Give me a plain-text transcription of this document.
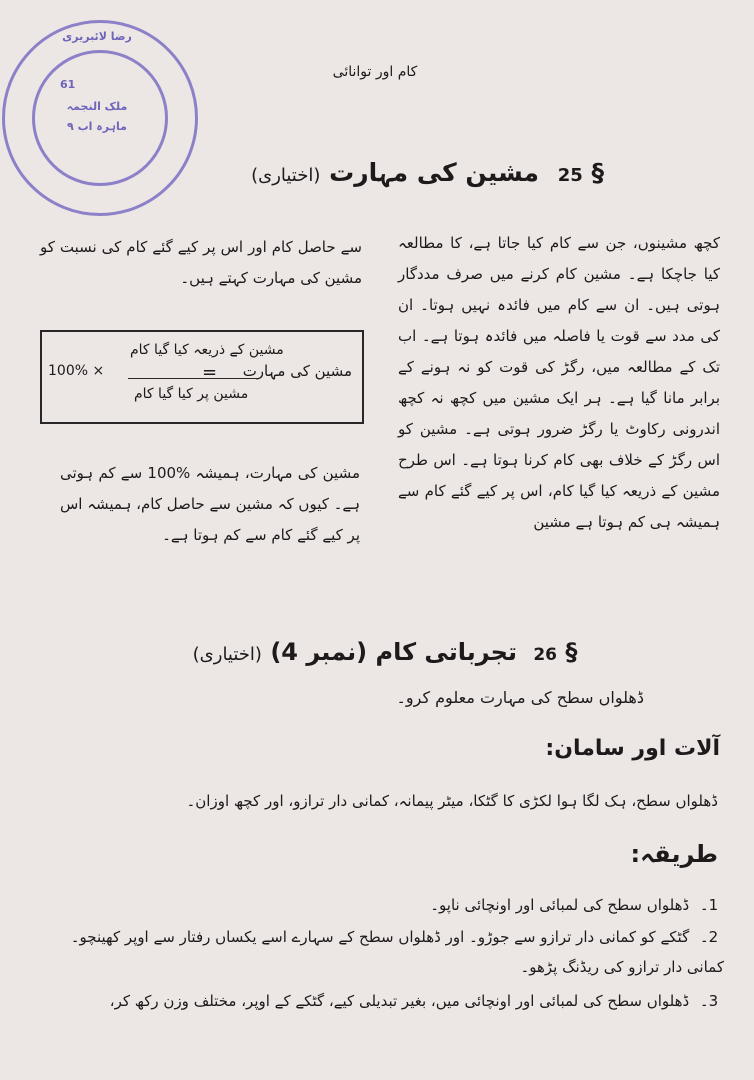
رضا لائبریری
61
ملک النجمہ
ماہرہ اب ۹
کام اور توانائی
§ 25 مشین کی مہارت (اختیاری)
کچھ مشینوں، جن سے کام کیا جاتا ہے، کا مطالعہ کیا جاچکا ہے۔ مشین کام کرنے میں صرف مددگار ہوتی ہیں۔ ان سے کام میں فائدہ نہیں ہوتا۔ ان کی مدد سے قوت یا فاصلہ میں فائدہ ہوتا ہے۔ اب تک کے مطالعہ میں، رگڑ کی قوت کو نہ ہونے کے برابر مانا گیا ہے۔ ہر ایک مشین میں کچھ نہ کچھ اندرونی رکاوٹ یا رگڑ ضرور ہوتی ہے۔ مشین کو اس رگڑ کے خلاف بھی کام کرنا ہوتا ہے۔ اس طرح مشین کے ذریعہ کیا گیا کام، اس پر کیے گئے کام سے ہمیشہ ہی کم ہوتا ہے مشین
سے حاصل کام اور اس پر کیے گئے کام کی نسبت کو مشین کی مہارت کہتے ہیں۔
مشین کی مہارت
=
مشین کے ذریعہ کیا گیا کام
مشین پر کیا گیا کام
100% ×
مشین کی مہارت، ہمیشہ %100 سے کم ہوتی ہے۔ کیوں کہ مشین سے حاصل کام، ہمیشہ اس پر کیے گئے کام سے کم ہوتا ہے۔
§ 26 تجرباتی کام (نمبر 4) (اختیاری)
ڈھلواں سطح کی مہارت معلوم کرو۔
آلات اور سامان:
ڈھلواں سطح، ہک لگا ہوا لکڑی کا گٹکا، میٹر پیمانہ، کمانی دار ترازو، اور کچھ اوزان۔
طریقہ:
1۔ ڈھلواں سطح کی لمبائی اور اونچائی ناپو۔
2۔ گٹکے کو کمانی دار ترازو سے جوڑو۔ اور ڈھلواں سطح کے سہارے اسے یکساں رفتار سے اوپر کھینچو۔ کمانی دار ترازو کی ریڈنگ پڑھو۔
3۔ ڈھلواں سطح کی لمبائی اور اونچائی میں، بغیر تبدیلی کیے، گٹکے کے اوپر، مختلف وزن رکھ کر،
